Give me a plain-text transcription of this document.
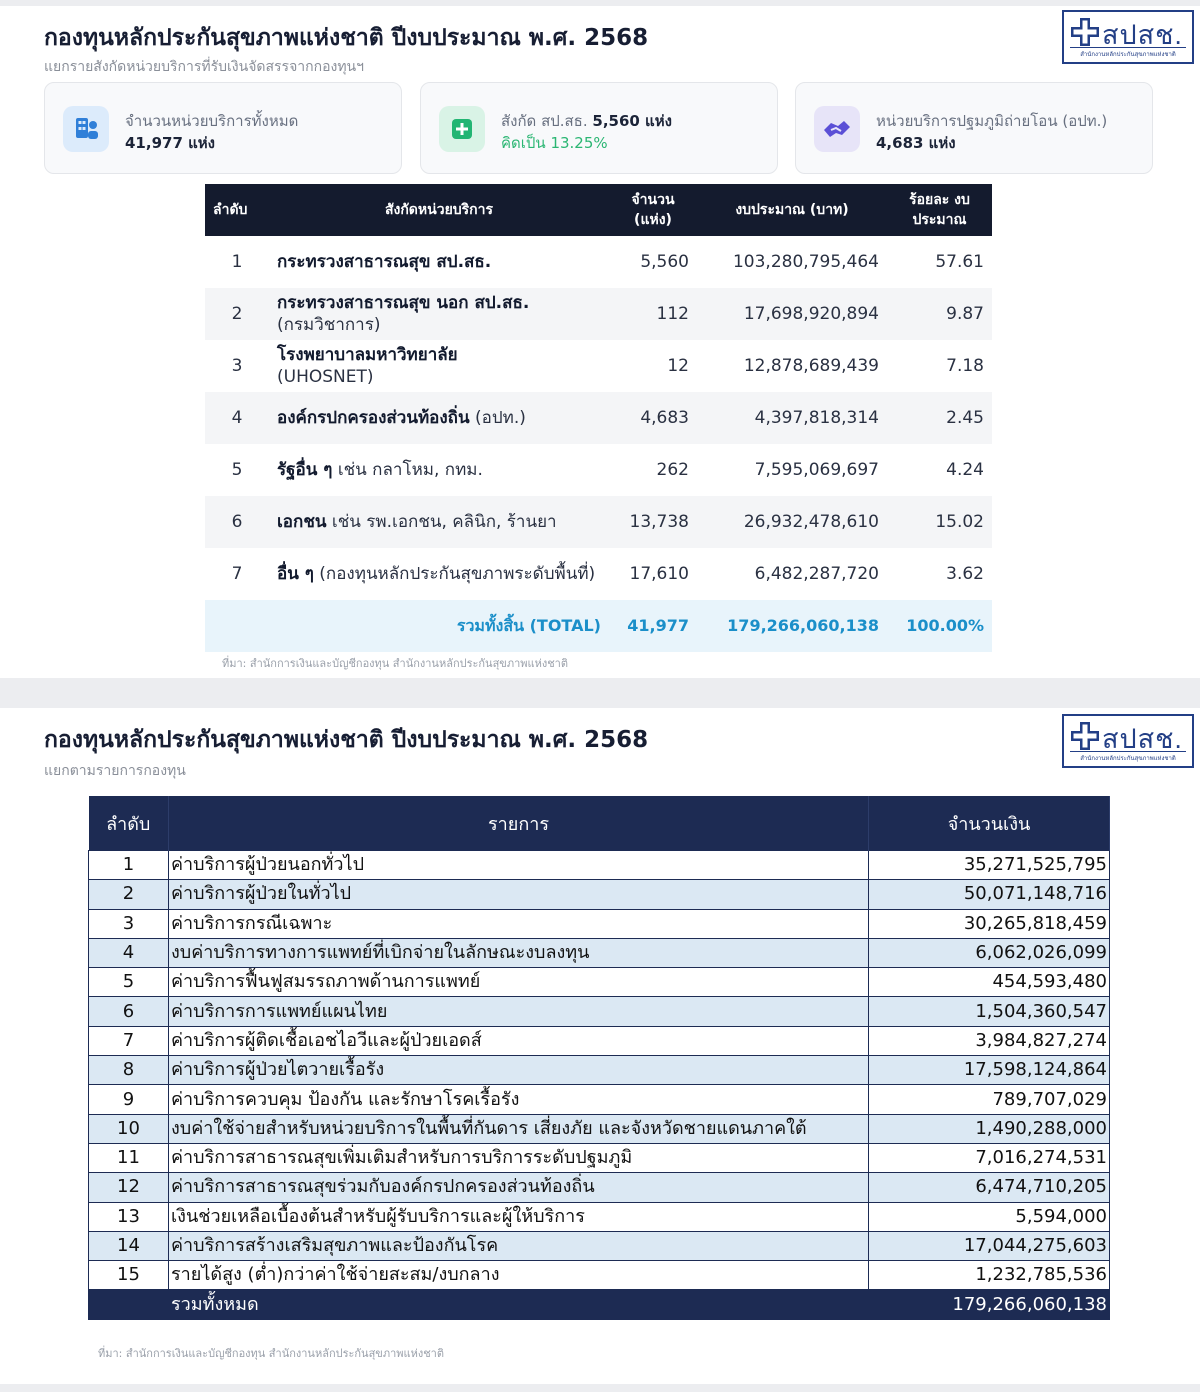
กองทุนหลักประกันสุขภาพแห่งชาติ ปีงบประมาณ พ.ศ. 2568
แยกรายสังกัดหน่วยบริการที่รับเงินจัดสรรจากกองทุนฯ
สปสช.
สำนักงานหลักประกันสุขภาพแห่งชาติ
จำนวนหน่วยบริการทั้งหมด
41,977 แห่ง
สังกัด สป.สธ. 5,560 แห่ง
คิดเป็น 13.25%
หน่วยบริการปฐมภูมิถ่ายโอน (อปท.)
4,683 แห่ง
ลำดับ	สังกัดหน่วยบริการ	จำนวน (แห่ง)	งบประมาณ (บาท)	ร้อยละ งบประมาณ
1	กระทรวงสาธารณสุข สป.สธ.	5,560	103,280,795,464	57.61
2	กระทรวงสาธารณสุข นอก สป.สธ.
(กรมวิชาการ)	112	17,698,920,894	9.87
3	โรงพยาบาลมหาวิทยาลัย
(UHOSNET)	12	12,878,689,439	7.18
4	องค์กรปกครองส่วนท้องถิ่น (อปท.)	4,683	4,397,818,314	2.45
5	รัฐอื่น ๆ เช่น กลาโหม, กทม.	262	7,595,069,697	4.24
6	เอกชน เช่น รพ.เอกชน, คลินิก, ร้านยา	13,738	26,932,478,610	15.02
7	อื่น ๆ (กองทุนหลักประกันสุขภาพระดับพื้นที่)	17,610	6,482,287,720	3.62
	รวมทั้งสิ้น (TOTAL)	41,977	179,266,060,138	100.00%
ที่มา: สำนักการเงินและบัญชีกองทุน สำนักงานหลักประกันสุขภาพแห่งชาติ
กองทุนหลักประกันสุขภาพแห่งชาติ ปีงบประมาณ พ.ศ. 2568
แยกตามรายการกองทุน
สปสช.
สำนักงานหลักประกันสุขภาพแห่งชาติ
ลำดับ	รายการ	จำนวนเงิน
1	ค่าบริการผู้ป่วยนอกทั่วไป	35,271,525,795
2	ค่าบริการผู้ป่วยในทั่วไป	50,071,148,716
3	ค่าบริการกรณีเฉพาะ	30,265,818,459
4	งบค่าบริการทางการแพทย์ที่เบิกจ่ายในลักษณะงบลงทุน	6,062,026,099
5	ค่าบริการฟื้นฟูสมรรถภาพด้านการแพทย์	454,593,480
6	ค่าบริการการแพทย์แผนไทย	1,504,360,547
7	ค่าบริการผู้ติดเชื้อเอชไอวีและผู้ป่วยเอดส์	3,984,827,274
8	ค่าบริการผู้ป่วยไตวายเรื้อรัง	17,598,124,864
9	ค่าบริการควบคุม ป้องกัน และรักษาโรคเรื้อรัง	789,707,029
10	งบค่าใช้จ่ายสำหรับหน่วยบริการในพื้นที่กันดาร เสี่ยงภัย และจังหวัดชายแดนภาคใต้	1,490,288,000
11	ค่าบริการสาธารณสุขเพิ่มเติมสำหรับการบริการระดับปฐมภูมิ	7,016,274,531
12	ค่าบริการสาธารณสุขร่วมกับองค์กรปกครองส่วนท้องถิ่น	6,474,710,205
13	เงินช่วยเหลือเบื้องต้นสำหรับผู้รับบริการและผู้ให้บริการ	5,594,000
14	ค่าบริการสร้างเสริมสุขภาพและป้องกันโรค	17,044,275,603
15	รายได้สูง (ต่ำ)กว่าค่าใช้จ่ายสะสม/งบกลาง	1,232,785,536
	รวมทั้งหมด	179,266,060,138
ที่มา: สำนักการเงินและบัญชีกองทุน สำนักงานหลักประกันสุขภาพแห่งชาติ
